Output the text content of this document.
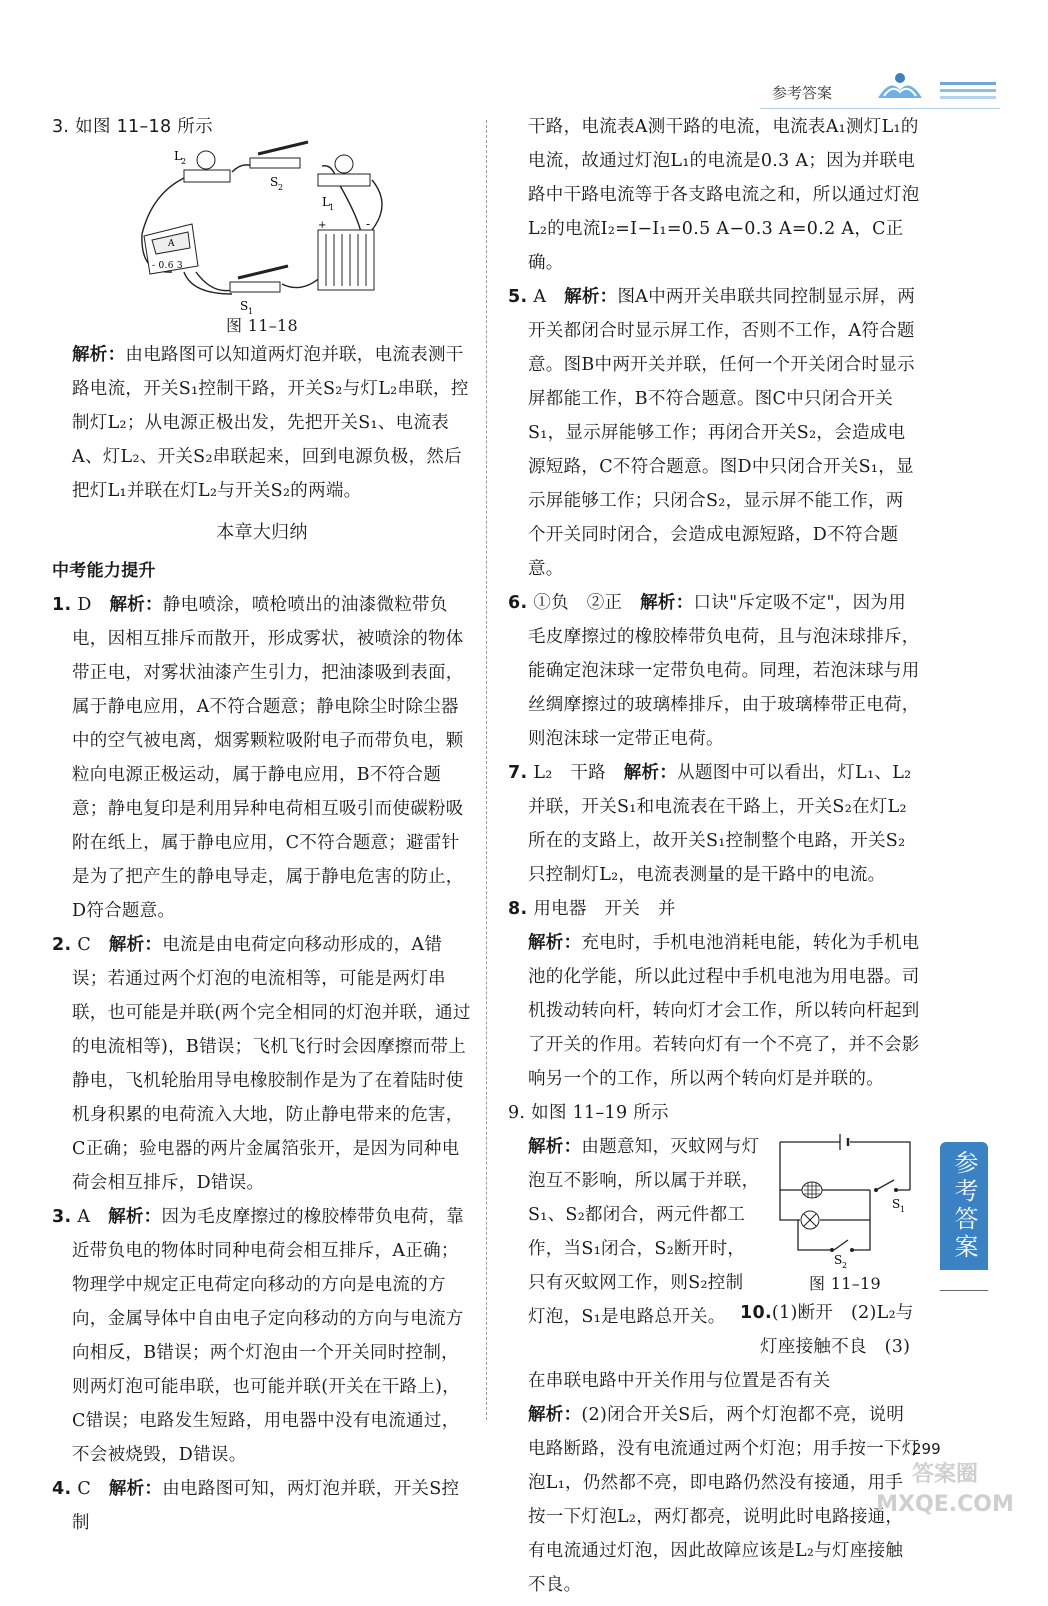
参考答案

3. 如图 11–18 所示

L
2
S 2
L
1
A
- 0.6 3
+	-
S 1

图 11–18

解析：由电路图可以知道两灯泡并联，电流表测干路电流，开关S₁控制干路，开关S₂与灯L₂串联，控制灯L₂；从电源正极出发，先把开关S₁、电流表A、灯L₂、开关S₂串联起来，回到电源负极，然后把灯L₁并联在灯L₂与开关S₂的两端。

本章大归纳

中考能力提升

1. D　解析：静电喷涂，喷枪喷出的油漆微粒带负电，因相互排斥而散开，形成雾状，被喷涂的物体带正电，对雾状油漆产生引力，把油漆吸到表面，属于静电应用，A不符合题意；静电除尘时除尘器中的空气被电离，烟雾颗粒吸附电子而带负电，颗粒向电源正极运动，属于静电应用，B不符合题意；静电复印是利用异种电荷相互吸引而使碳粉吸附在纸上，属于静电应用，C不符合题意；避雷针是为了把产生的静电导走，属于静电危害的防止，D符合题意。

2. C　解析：电流是由电荷定向移动形成的，A错误；若通过两个灯泡的电流相等，可能是两灯串联，也可能是并联(两个完全相同的灯泡并联，通过的电流相等)，B错误；飞机飞行时会因摩擦而带上静电，飞机轮胎用导电橡胶制作是为了在着陆时使机身积累的电荷流入大地，防止静电带来的危害，C正确；验电器的两片金属箔张开，是因为同种电荷会相互排斥，D错误。

3. A　解析：因为毛皮摩擦过的橡胶棒带负电荷，靠近带负电的物体时同种电荷会相互排斥，A正确；物理学中规定正电荷定向移动的方向是电流的方向，金属导体中自由电子定向移动的方向与电流方向相反，B错误；两个灯泡由一个开关同时控制，则两灯泡可能串联，也可能并联(开关在干路上)，C错误；电路发生短路，用电器中没有电流通过，不会被烧毁，D错误。

4. C　解析：由电路图可知，两灯泡并联，开关S控制

干路，电流表A测干路的电流，电流表A₁测灯L₁的电流，故通过灯泡L₁的电流是0.3 A；因为并联电路中干路电流等于各支路电流之和，所以通过灯泡L₂的电流I₂=I−I₁=0.5 A−0.3 A=0.2 A，C正确。

5. A　解析：图A中两开关串联共同控制显示屏，两开关都闭合时显示屏工作，否则不工作，A符合题意。图B中两开关并联，任何一个开关闭合时显示屏都能工作，B不符合题意。图C中只闭合开关S₁，显示屏能够工作；再闭合开关S₂，会造成电源短路，C不符合题意。图D中只闭合开关S₁，显示屏能够工作；只闭合S₂，显示屏不能工作，两个开关同时闭合，会造成电源短路，D不符合题意。

6. ①负　②正　解析：口诀"斥定吸不定"，因为用毛皮摩擦过的橡胶棒带负电荷，且与泡沫球排斥，能确定泡沫球一定带负电荷。同理，若泡沫球与用丝绸摩擦过的玻璃棒排斥，由于玻璃棒带正电荷，则泡沫球一定带正电荷。

7. L₂　干路　解析：从题图中可以看出，灯L₁、L₂并联，开关S₁和电流表在干路上，开关S₂在灯L₂所在的支路上，故开关S₁控制整个电路，开关S₂只控制灯L₂，电流表测量的是干路中的电流。

8. 用电器　开关　并

解析：充电时，手机电池消耗电能，转化为手机电池的化学能，所以此过程中手机电池为用电器。司机拨动转向杆，转向灯才会工作，所以转向杆起到了开关的作用。若转向灯有一个不亮了，并不会影响另一个的工作，所以两个转向灯是并联的。

9. 如图 11–19 所示

S 1
S 2

图 11–19

解析：由题意知，灭蚊网与灯泡互不影响，所以属于并联，S₁、S₂都闭合，两元件都工作，当S₁闭合，S₂断开时，只有灭蚊网工作，则S₂控制灯泡，S₁是电路总开关。 10.(1)断开　(2)L₂与灯座接触不良　(3)在串联电路中开关作用与位置是否有关

解析：(2)闭合开关S后，两个灯泡都不亮，说明电路断路，没有电流通过两个灯泡；用手按一下灯泡L₁，仍然都不亮，即电路仍然没有接通，用手按一下灯泡L₂，两灯都亮，说明此时电路接通，有电流通过灯泡，因此故障应该是L₂与灯座接触不良。

参考答案
299
答案圈 MXQE.COM
